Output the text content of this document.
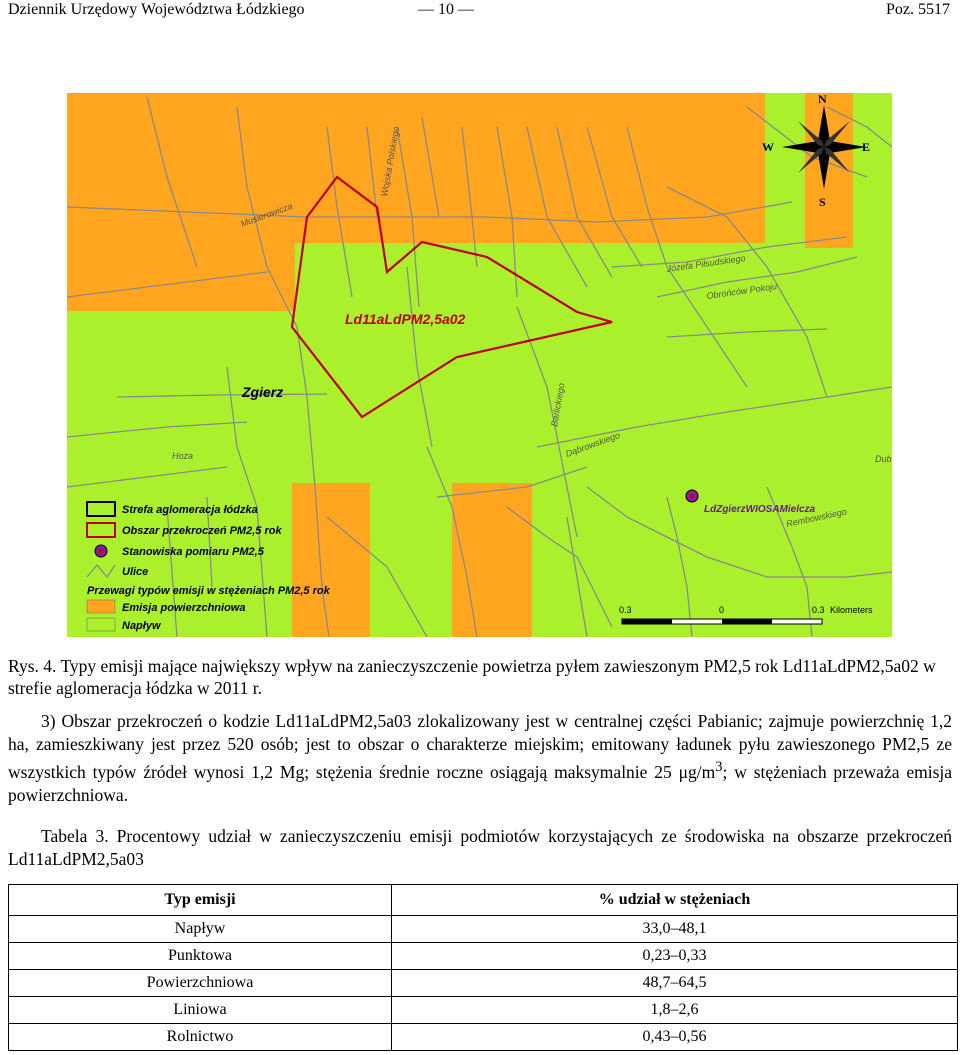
Dziennik Urzędowy Województwa Łódzkiego	— 10 —	Poz. 5517
Ld11aLdPM2,5a02
Zgierz
Musierowicza
Wojska Polskiego
Józefa Piłsudskiego
Obrońców Pokoju
Dąbrowskiego
Barlickiego
Rembowskiego
Hoża	Dub
LdZgierzWIOSAMielcza
N
S
W	E
Strefa aglomeracja łódzka
Obszar przekroczeń PM2,5 rok
Stanowiska pomiaru PM2,5
Ulice
Przewagi typów emisji w stężeniach PM2,5 rok
Emisja powierzchniowa
Napływ
0.3	0	0.3 Kilometers
Rys. 4. Typy emisji mające największy wpływ na zanieczyszczenie powietrza pyłem zawieszonym PM2,5 rok Ld11aLdPM2,5a02 w strefie aglomeracja łódzka w 2011 r.
3) Obszar przekroczeń o kodzie Ld11aLdPM2,5a03 zlokalizowany jest w centralnej części Pabianic; zajmuje powierzchnię 1,2 ha, zamieszkiwany jest przez 520 osób; jest to obszar o charakterze miejskim; emitowany ładunek pyłu zawieszonego PM2,5 ze wszystkich typów źródeł wynosi 1,2 Mg; stężenia średnie roczne osiągają maksymalnie 25 $\mu g/m^3$; w stężeniach przeważa emisja powierzchniowa.
Tabela 3. Procentowy udział w zanieczyszczeniu emisji podmiotów korzystających ze środowiska na obszarze przekroczeń Ld11aLdPM2,5a03
Typ emisji	% udział w stężeniach
Napływ	33,0–48,1
Punktowa	0,23–0,33
Powierzchniowa	48,7–64,5
Liniowa	1,8–2,6
Rolnictwo	0,43–0,56
